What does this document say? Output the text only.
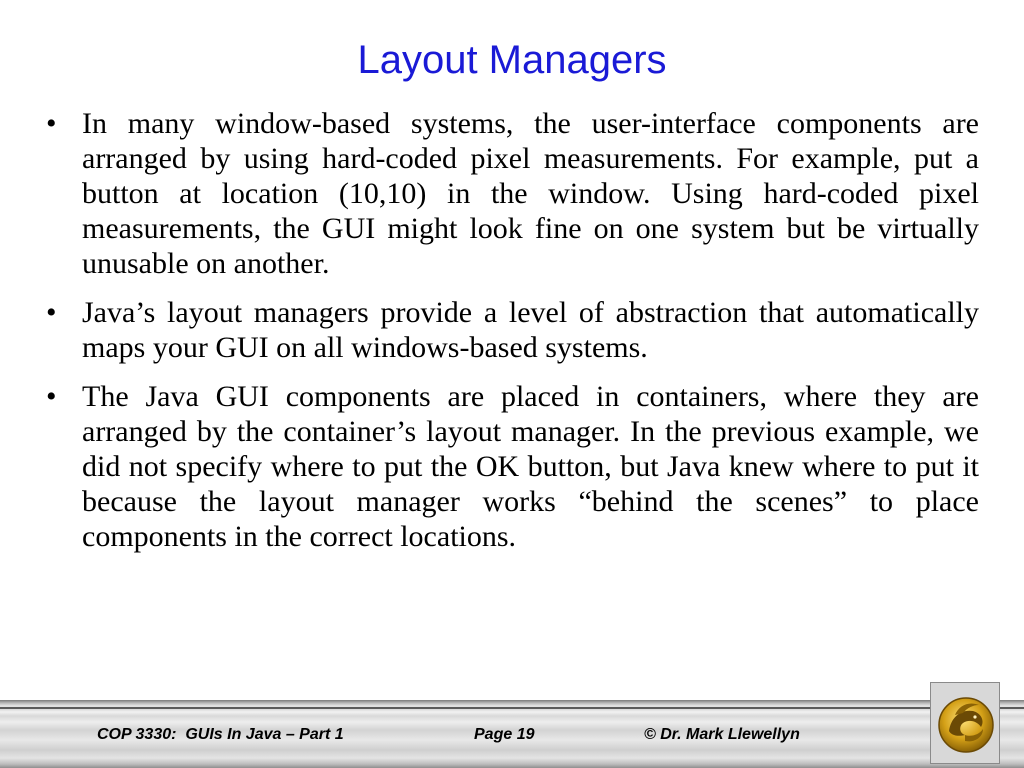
Layout Managers
• In many window-based systems, the user-interface components are arranged by using hard-coded pixel measurements. For example, put a button at location (10,10) in the window. Using hard-coded pixel measurements, the GUI might look fine on one system but be virtually unusable on another.
• Java’s layout managers provide a level of abstraction that automatically maps your GUI on all windows-based systems.
• The Java GUI components are placed in containers, where they are arranged by the container’s layout manager. In the previous example, we did not specify where to put the OK button, but Java knew where to put it because the layout manager works “behind the scenes” to place components in the correct locations.
COP 3330:  GUIs In Java – Part 1	Page 19	© Dr. Mark Llewellyn
